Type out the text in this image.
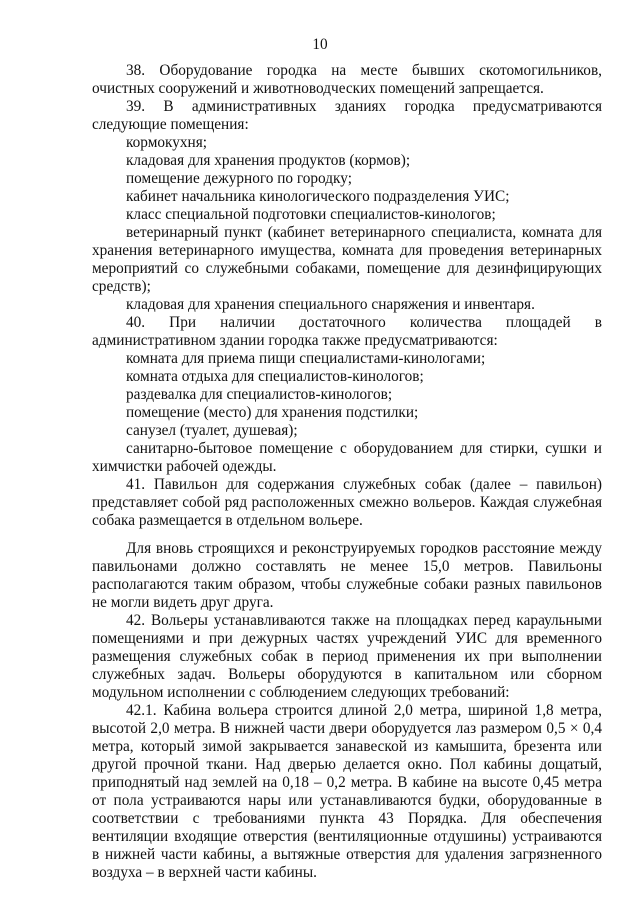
10

38. Оборудование городка на месте бывших скотомогильников, очистных сооружений и животноводческих помещений запрещается.

39. В административных зданиях городка предусматриваются следующие помещения:

кормокухня;

кладовая для хранения продуктов (кормов);

помещение дежурного по городку;

кабинет начальника кинологического подразделения УИС;

класс специальной подготовки специалистов-кинологов;

ветеринарный пункт (кабинет ветеринарного специалиста, комната для хранения ветеринарного имущества, комната для проведения ветеринарных мероприятий со служебными собаками, помещение для дезинфицирующих средств);

кладовая для хранения специального снаряжения и инвентаря.

40. При наличии достаточного количества площадей в административном здании городка также предусматриваются:

комната для приема пищи специалистами-кинологами;

комната отдыха для специалистов-кинологов;

раздевалка для специалистов-кинологов;

помещение (место) для хранения подстилки;

санузел (туалет, душевая);

санитарно-бытовое помещение с оборудованием для стирки, сушки и химчистки рабочей одежды.

41. Павильон для содержания служебных собак (далее – павильон) представляет собой ряд расположенных смежно вольеров. Каждая служебная собака размещается в отдельном вольере.

Для вновь строящихся и реконструируемых городков расстояние между павильонами должно составлять не менее 15,0 метров. Павильоны располагаются таким образом, чтобы служебные собаки разных павильонов не могли видеть друг друга.

42. Вольеры устанавливаются также на площадках перед караульными помещениями и при дежурных частях учреждений УИС для временного размещения служебных собак в период применения их при выполнении служебных задач. Вольеры оборудуются в капитальном или сборном модульном исполнении с соблюдением следующих требований:

42.1. Кабина вольера строится длиной 2,0 метра, шириной 1,8 метра, высотой 2,0 метра. В нижней части двери оборудуется лаз размером 0,5 × 0,4 метра, который зимой закрывается занавеской из камышита, брезента или другой прочной ткани. Над дверью делается окно. Пол кабины дощатый, приподнятый над землей на 0,18 – 0,2 метра. В кабине на высоте 0,45 метра от пола устраиваются нары или устанавливаются будки, оборудованные в соответствии с требованиями пункта 43 Порядка. Для обеспечения вентиляции входящие отверстия (вентиляционные отдушины) устраиваются в нижней части кабины, а вытяжные отверстия для удаления загрязненного воздуха – в верхней части кабины.
